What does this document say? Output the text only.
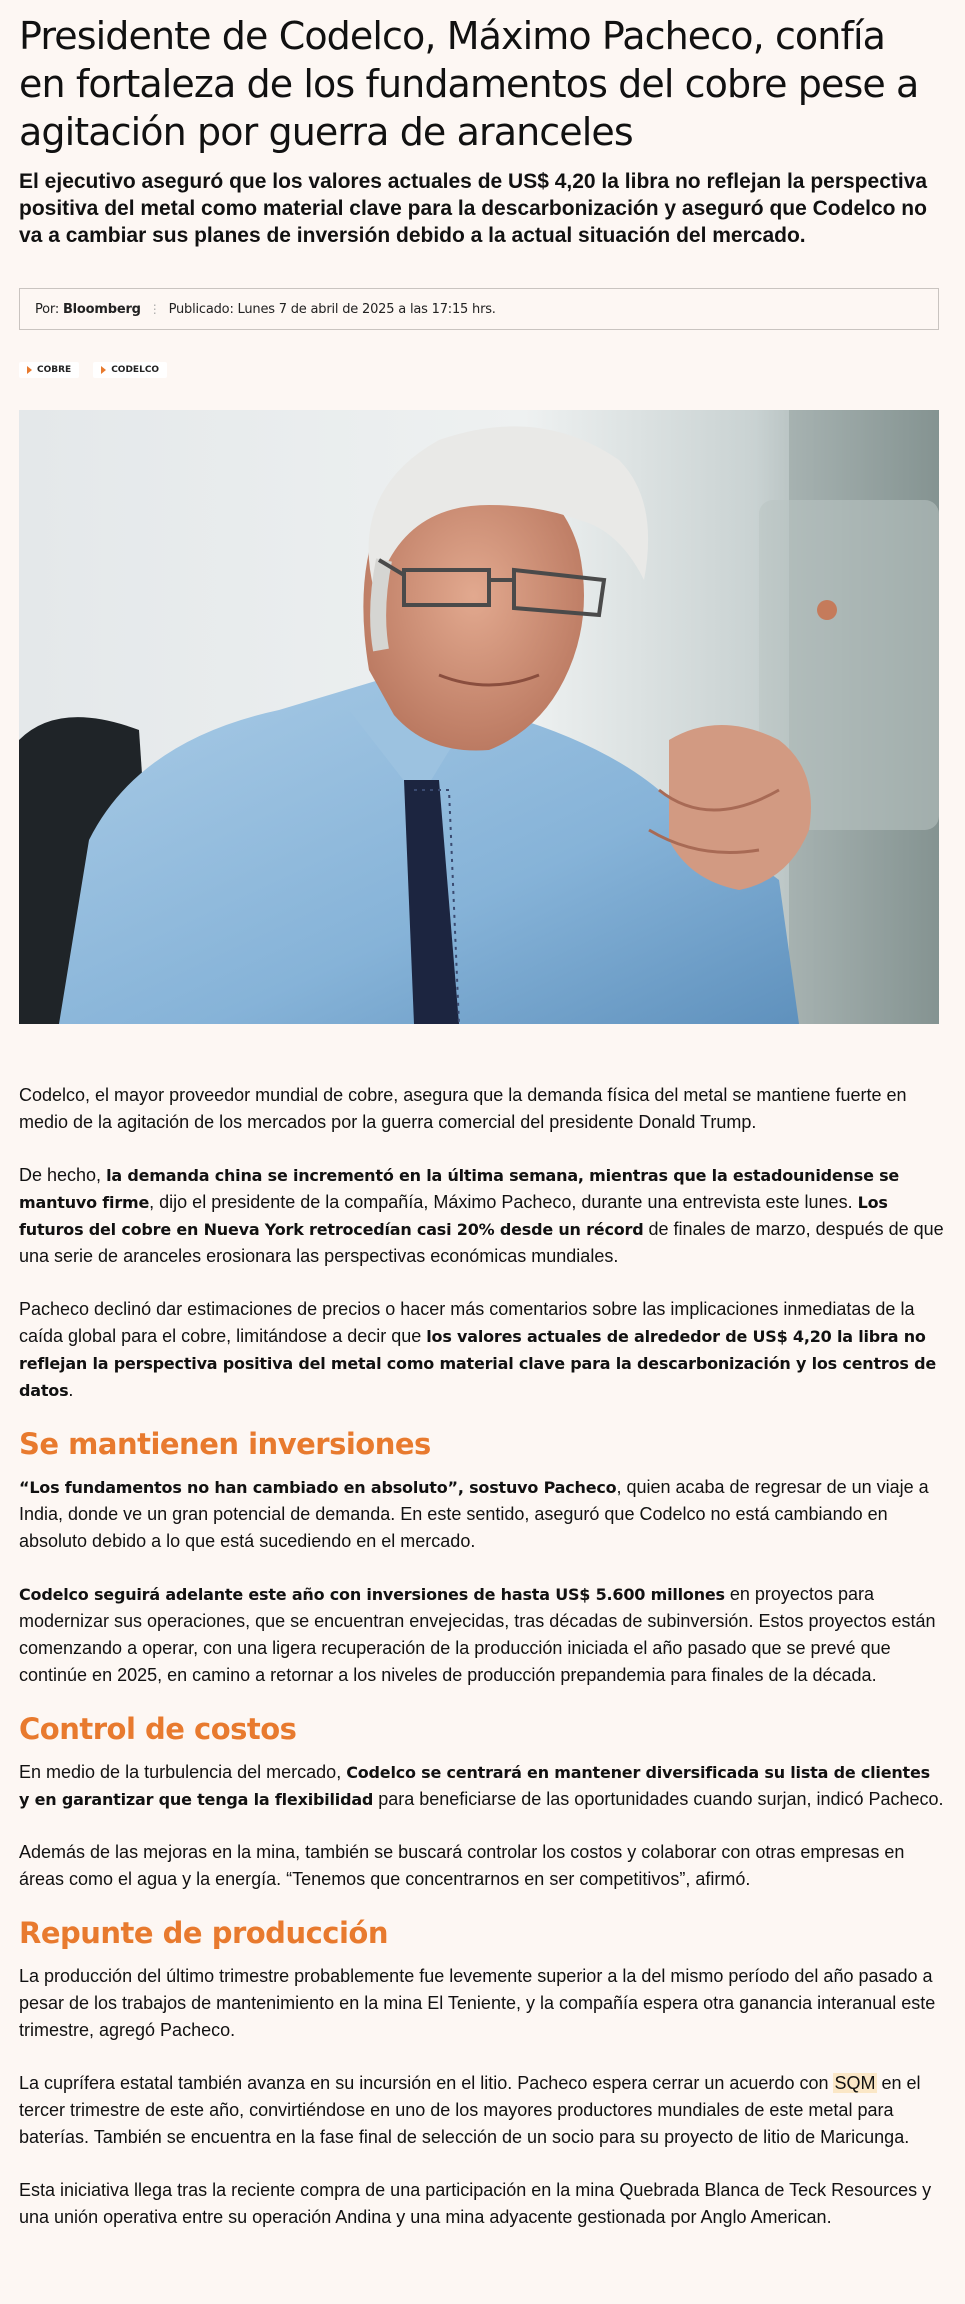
Presidente de Codelco, Máximo Pacheco, confía en fortaleza de los fundamentos del cobre pese a agitación por guerra de aranceles

El ejecutivo aseguró que los valores actuales de US$ 4,20 la libra no reflejan la perspectiva positiva del metal como material clave para la descarbonización y aseguró que Codelco no va a cambiar sus planes de inversión debido a la actual situación del mercado.

Por:
Bloomberg ⋮ Publicado: Lunes 7 de abril de 2025 a las 17:15 hrs.
COBRE	CODELCO

Codelco, el mayor proveedor mundial de cobre, asegura que la demanda física del metal se mantiene fuerte en medio de la agitación de los mercados por la guerra comercial del presidente Donald Trump.

De hecho, la demanda china se incrementó en la última semana, mientras que la estadounidense se mantuvo firme, dijo el presidente de la compañía, Máximo Pacheco, durante una entrevista este lunes. Los futuros del cobre en Nueva York retrocedían casi 20% desde un récord de finales de marzo, después de que una serie de aranceles erosionara las perspectivas económicas mundiales.

Pacheco declinó dar estimaciones de precios o hacer más comentarios sobre las implicaciones inmediatas de la caída global para el cobre, limitándose a decir que los valores actuales de alrededor de US$ 4,20 la libra no reflejan la perspectiva positiva del metal como material clave para la descarbonización y los centros de datos.

Se mantienen inversiones

“Los fundamentos no han cambiado en absoluto”, sostuvo Pacheco, quien acaba de regresar de un viaje a India, donde ve un gran potencial de demanda. En este sentido, aseguró que Codelco no está cambiando en absoluto debido a lo que está sucediendo en el mercado.

Codelco seguirá adelante este año con inversiones de hasta US$ 5.600 millones en proyectos para modernizar sus operaciones, que se encuentran envejecidas, tras décadas de subinversión. Estos proyectos están comenzando a operar, con una ligera recuperación de la producción iniciada el año pasado que se prevé que continúe en 2025, en camino a retornar a los niveles de producción prepandemia para finales de la década.

Control de costos

En medio de la turbulencia del mercado, Codelco se centrará en mantener diversificada su lista de clientes y en garantizar que tenga la flexibilidad para beneficiarse de las oportunidades cuando surjan, indicó Pacheco.

Además de las mejoras en la mina, también se buscará controlar los costos y colaborar con otras empresas en áreas como el agua y la energía. “Tenemos que concentrarnos en ser competitivos”, afirmó.

Repunte de producción

La producción del último trimestre probablemente fue levemente superior a la del mismo período del año pasado a pesar de los trabajos de mantenimiento en la mina El Teniente, y la compañía espera otra ganancia interanual este trimestre, agregó Pacheco.

La cuprífera estatal también avanza en su incursión en el litio. Pacheco espera cerrar un acuerdo con SQM en el tercer trimestre de este año, convirtiéndose en uno de los mayores productores mundiales de este metal para baterías. También se encuentra en la fase final de selección de un socio para su proyecto de litio de Maricunga.

Esta iniciativa llega tras la reciente compra de una participación en la mina Quebrada Blanca de Teck Resources y una unión operativa entre su operación Andina y una mina adyacente gestionada por Anglo American.
